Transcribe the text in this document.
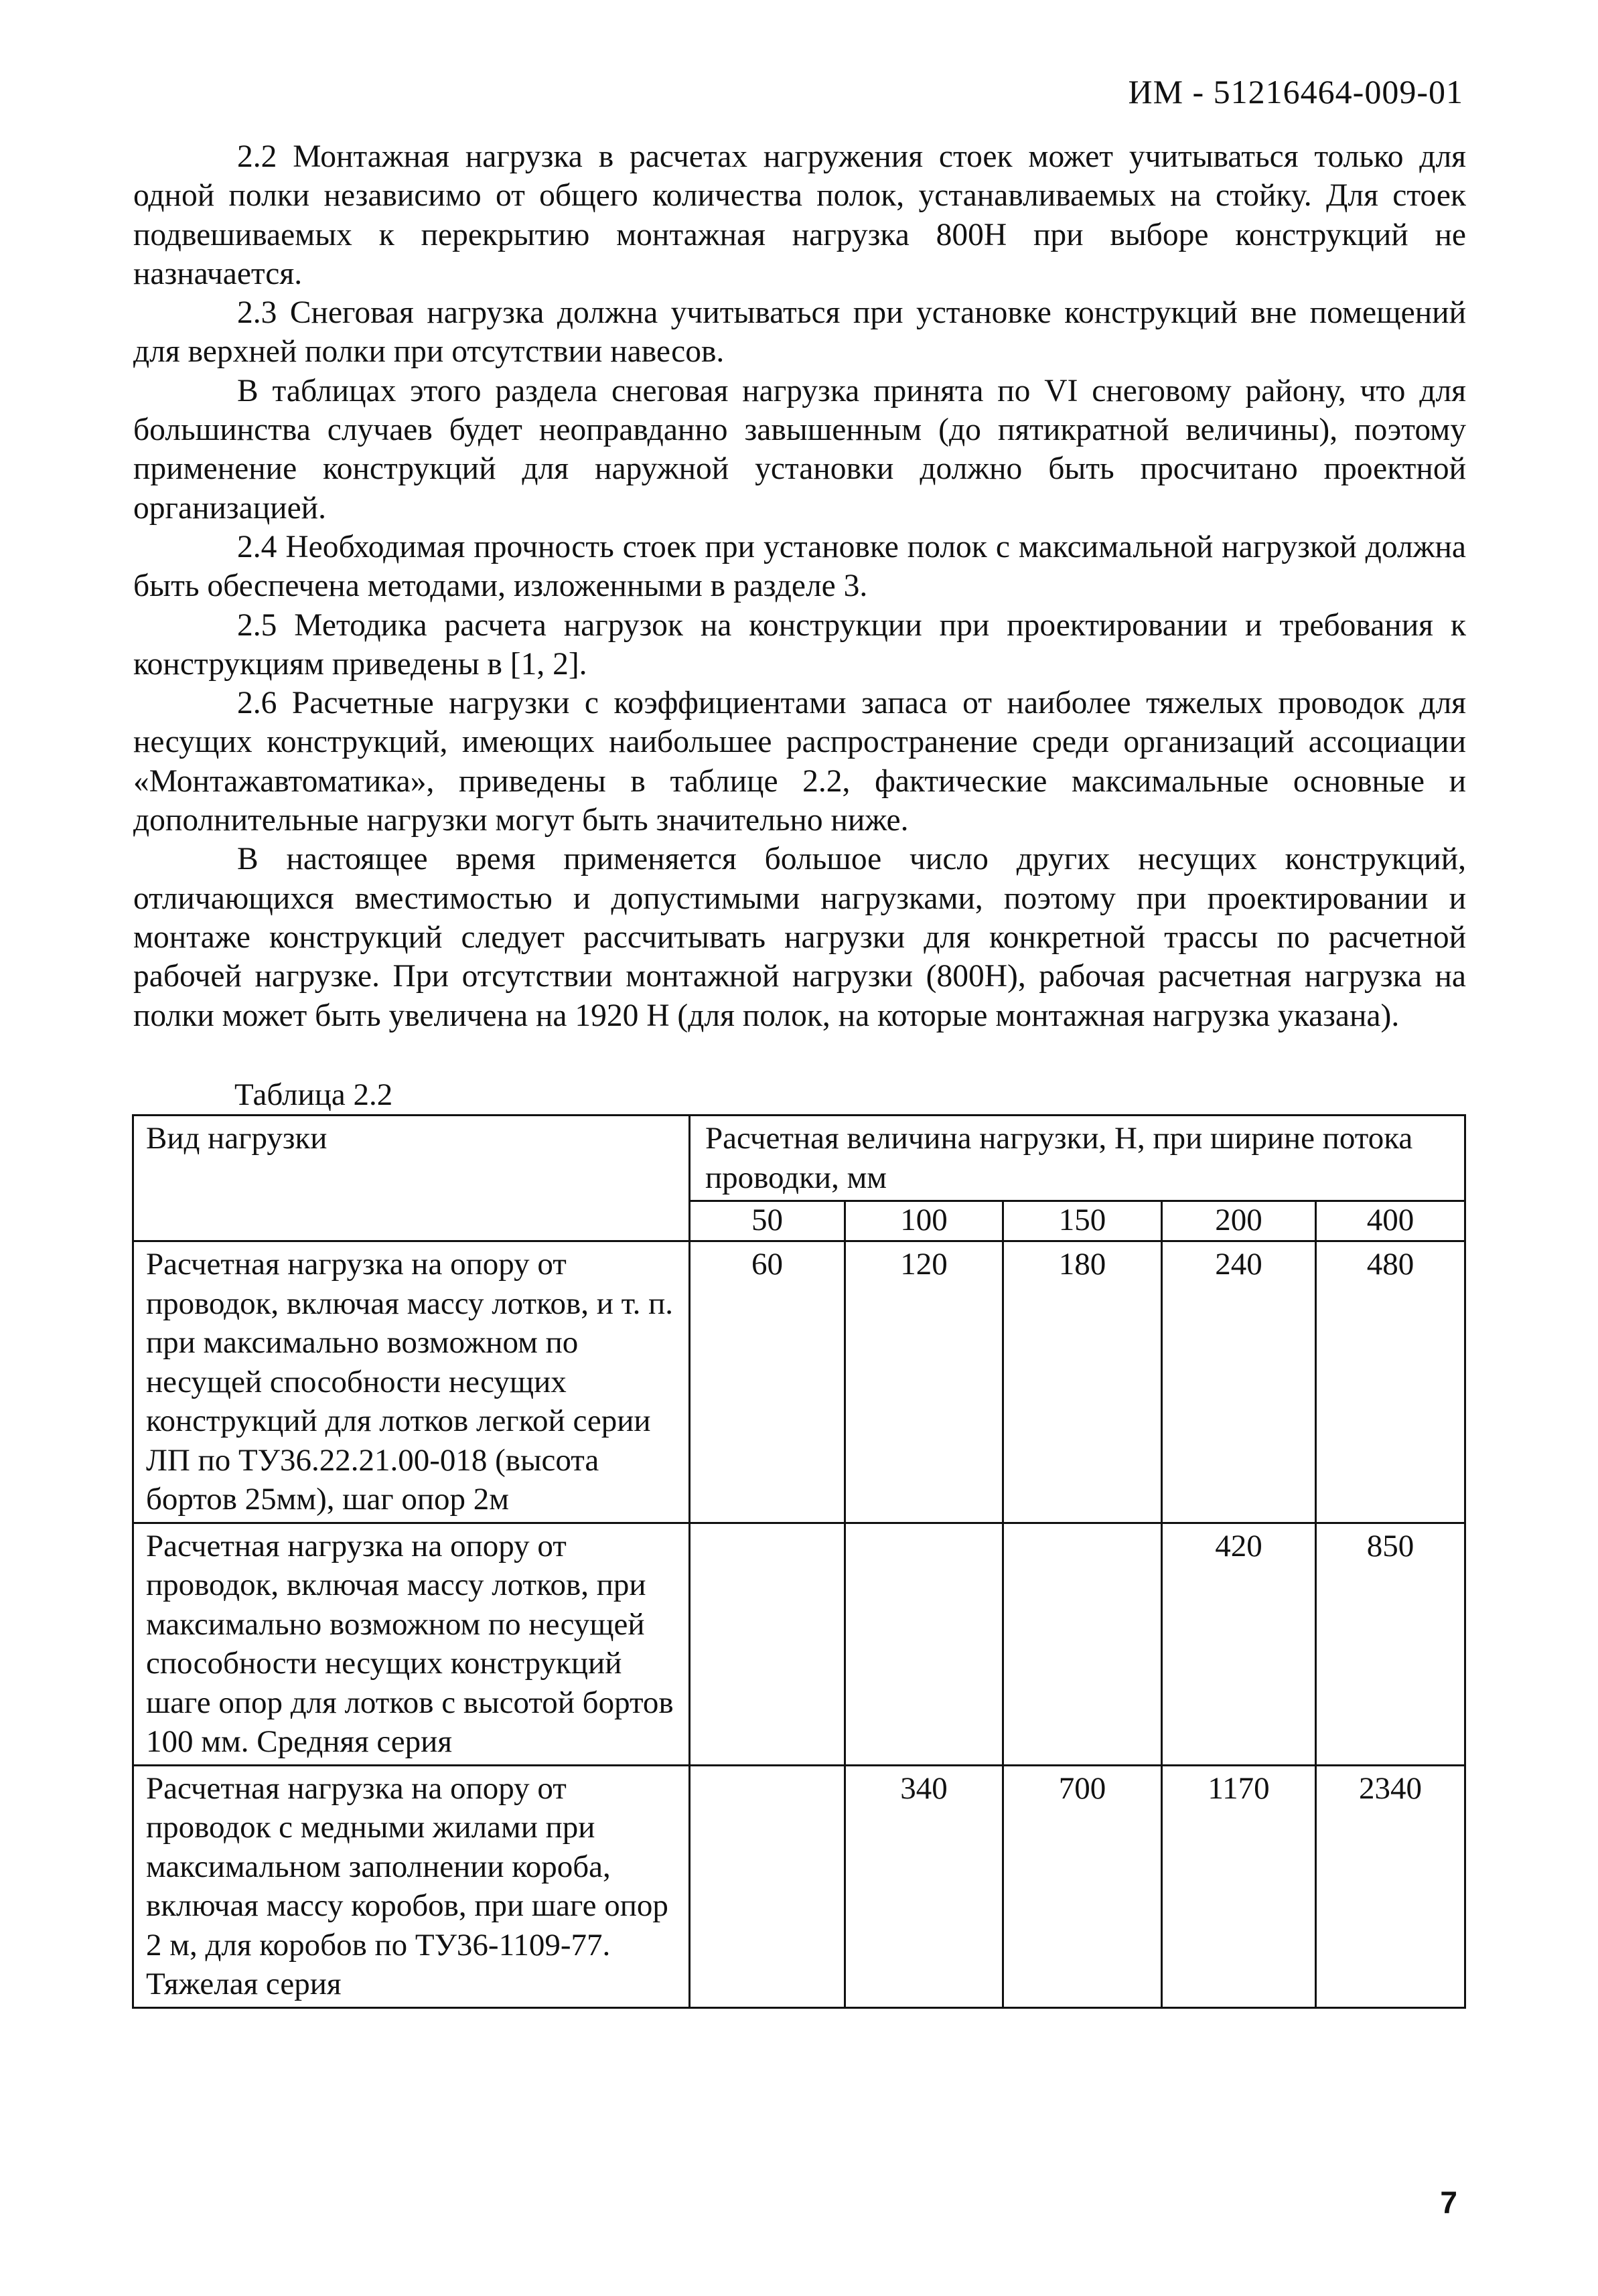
ИМ - 51216464-009-01

2.2 Монтажная нагрузка в расчетах нагружения стоек может учитываться только для одной полки независимо от общего количества полок, устанавливаемых на стойку. Для стоек подвешиваемых к перекрытию монтажная нагрузка 800Н при выборе конструкций не назначается.

2.3 Снеговая нагрузка должна учитываться при установке конструкций вне помещений для верхней полки при отсутствии навесов.

В таблицах этого раздела снеговая нагрузка принята по VI снеговому району, что для большинства случаев будет неоправданно завышенным (до пятикратной величины), поэтому применение конструкций для наружной установки должно быть просчитано проектной организацией.

2.4 Необходимая прочность стоек при установке полок с максимальной нагрузкой должна быть обеспечена методами, изложенными в разделе 3.

2.5 Методика расчета нагрузок на конструкции при проектировании и требования к конструкциям приведены в [1, 2].

2.6 Расчетные нагрузки с коэффициентами запаса от наиболее тяжелых проводок для несущих конструкций, имеющих наибольшее распространение среди организаций ассоциации «Монтажавтоматика», приведены в таблице 2.2, фактические максимальные основные и дополнительные нагрузки могут быть значительно ниже.

В настоящее время применяется большое число других несущих конструкций, отличающихся вместимостью и допустимыми нагрузками, поэтому при проектировании и монтаже конструкций следует рассчитывать нагрузки для конкретной трассы по расчетной рабочей нагрузке. При отсутствии монтажной нагрузки (800Н), рабочая расчетная нагрузка на полки может быть увеличена на 1920 Н (для полок, на которые монтажная нагрузка указана).

Таблица 2.2
Вид нагрузки	Расчетная величина нагрузки, Н, при ширине потока проводки, мм				
	50	100	150	200	400
Расчетная нагрузка на опору от проводок, включая массу лотков, и т. п. при максимально возможном по несущей способности несущих конструкций для лотков легкой серии ЛП по ТУ36.22.21.00-018 (высота бортов 25мм), шаг опор 2м	60	120	180	240	480
Расчетная нагрузка на опору от проводок, включая массу лотков, при максимально возможном по несущей способности несущих конструкций шаге опор для лотков с высотой бортов 100 мм. Средняя серия				420	850
Расчетная нагрузка на опору от проводок с медными жилами при максимальном заполнении короба, включая массу коробов, при шаге опор 2 м, для коробов по ТУ36-1109-77. Тяжелая серия		340	700	1170	2340
7
